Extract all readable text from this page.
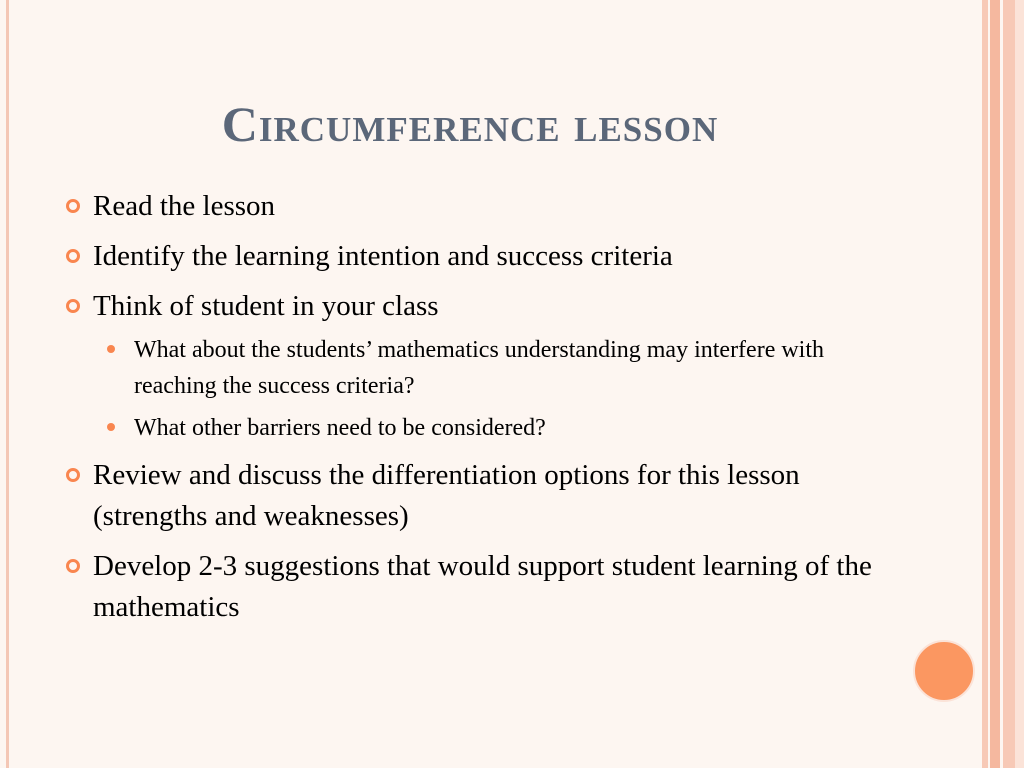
Circumference lesson
Read the lesson
Identify the learning intention and success criteria
Think of student in your class
What about the students’ mathematics understanding may interfere with reaching the success criteria?
What other barriers need to be considered?
Review and discuss the differentiation options for this lesson (strengths and weaknesses)
Develop 2-3 suggestions that would support student learning of the mathematics
